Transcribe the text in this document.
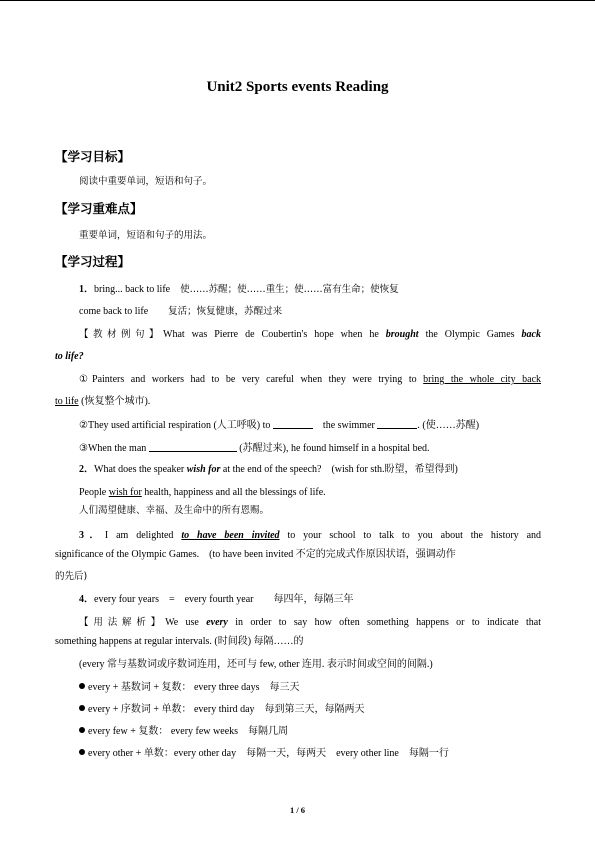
Unit2 Sports events Reading
【学习目标】
阅读中重要单词，短语和句子。
【学习重难点】
重要单词，短语和句子的用法。
【学习过程】
1．bring... back to life　 使……苏醒；使……重生；使……富有生命；使恢复
come back to life　　 复活；恢复健康，苏醒过来
【教材例句】What was Pierre de Coubertin's hope when he brought the Olympic Games back
to life?
①Painters and workers had to be very careful when they were trying to bring the whole city back
to life (恢复整个城市).
②They used artificial respiration (人工呼吸) to 　	the swimmer	. (使……苏醒)
③When the man	(苏醒过来), he found himself in a hospital bed.
2．What does the speaker wish for at the end of the speech?　(wish for sth.盼望，希望得到)
People wish for health, happiness and all the blessings of life.
人们渴望健康、幸福、及生命中的所有恩赐。
3．I am delighted to have been invited to your school to talk to you about the history and
significance of the Olympic Games.　(to have been invited 不定的完成式作原因状语，强调动作
的先后)
4．every four years　=　every fourth year　　每四年，每隔三年
【用法解析】We use every in order to say how often something happens or to indicate that
something happens at regular intervals. (时间段) 每隔……的
(every 常与基数词或序数词连用，还可与 few, other 连用. 表示时间或空间的间隔.)
every + 基数词 + 复数： every three days　每三天
every + 序数词 + 单数： every third day　每到第三天，每隔两天
every few + 复数： every few weeks　每隔几周
every other + 单数：every other day　每隔一天，每两天　every other line　每隔一行
1 / 6
